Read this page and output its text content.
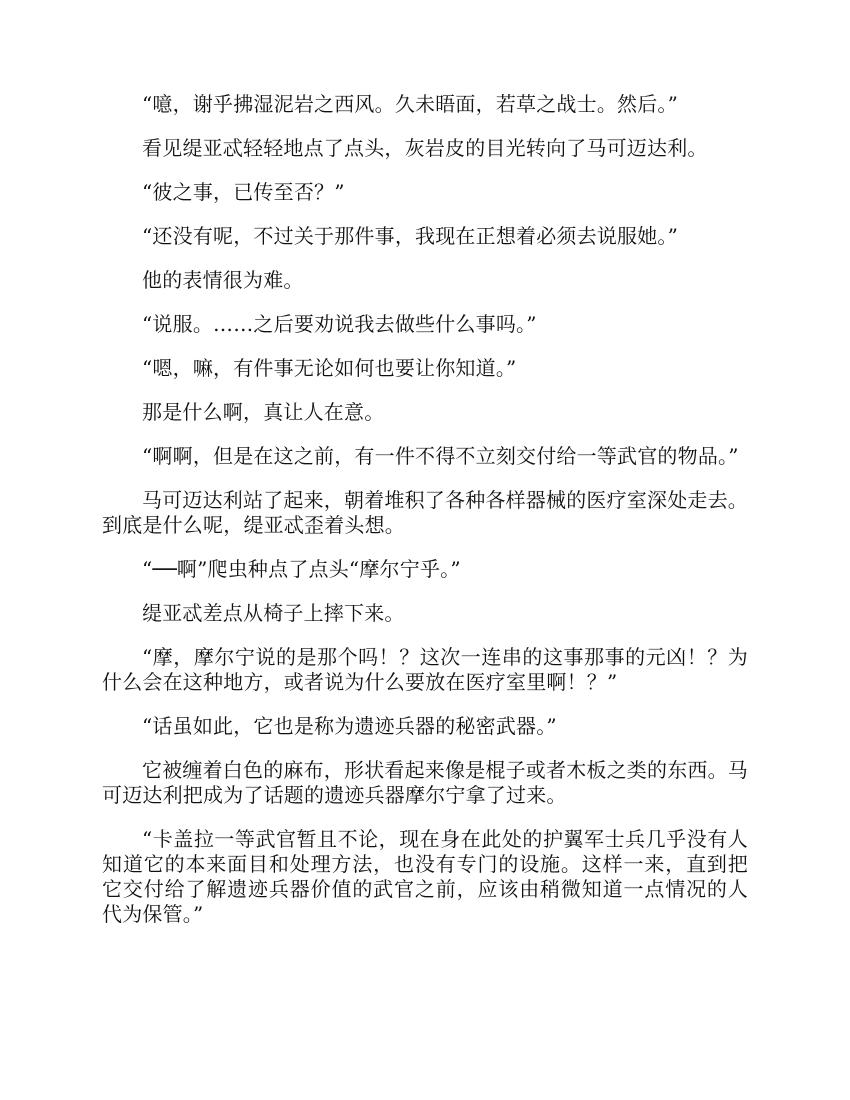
“噫，谢乎拂湿泥岩之西风。久未晤面，若草之战士。然后。”

看见缇亚忒轻轻地点了点头，灰岩皮的目光转向了马可迈达利。

“彼之事，已传至否？”

“还没有呢，不过关于那件事，我现在正想着必须去说服她。”

他的表情很为难。

“说服。……之后要劝说我去做些什么事吗。”

“嗯，嘛，有件事无论如何也要让你知道。”

那是什么啊，真让人在意。

“啊啊，但是在这之前，有一件不得不立刻交付给一等武官的物品。”

马可迈达利站了起来，朝着堆积了各种各样器械的医疗室深处走去。到底是什么呢，缇亚忒歪着头想。

“──啊”爬虫种点了点头“摩尔宁乎。”

缇亚忒差点从椅子上摔下来。

“摩，摩尔宁说的是那个吗！？这次一连串的这事那事的元凶！？为什么会在这种地方，或者说为什么要放在医疗室里啊！？”

“话虽如此，它也是称为遗迹兵器的秘密武器。”

它被缠着白色的麻布，形状看起来像是棍子或者木板之类的东西。马可迈达利把成为了话题的遗迹兵器摩尔宁拿了过来。

“卡盖拉一等武官暂且不论，现在身在此处的护翼军士兵几乎没有人知道它的本来面目和处理方法，也没有专门的设施。这样一来，直到把它交付给了解遗迹兵器价值的武官之前，应该由稍微知道一点情况的人代为保管。”
